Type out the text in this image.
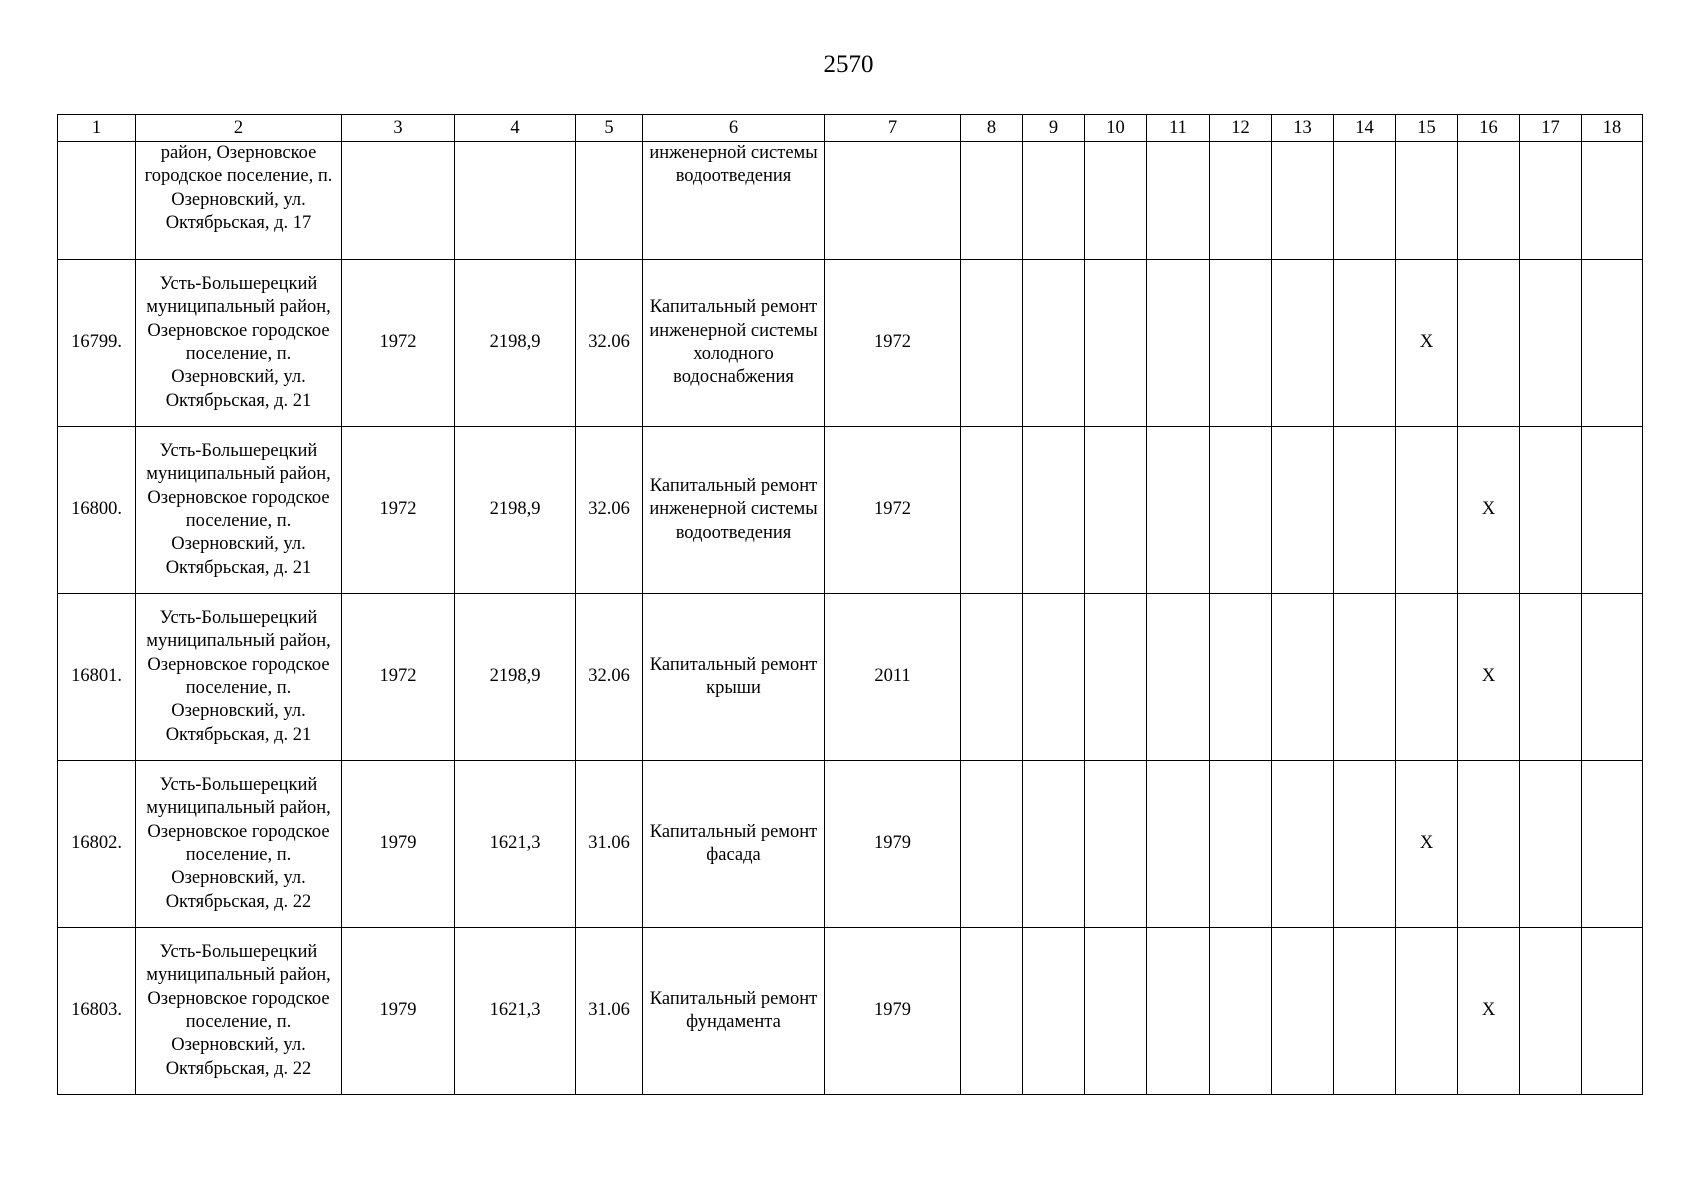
2570
1	2	3	4	5	6	7	8	9	10	11	12	13	14	15	16	17	18
	район, Озерновское городское поселение, п. Озерновский, ул. Октябрьская, д. 17				инженерной системы водоотведения												
16799.	Усть-Большерецкий муниципальный район, Озерновское городское поселение, п. Озерновский, ул. Октябрьская, д. 21	1972	2198,9	32.06	Капитальный ремонт инженерной системы холодного водоснабжения	1972								X			
16800.	Усть-Большерецкий муниципальный район, Озерновское городское поселение, п. Озерновский, ул. Октябрьская, д. 21	1972	2198,9	32.06	Капитальный ремонт инженерной системы водоотведения	1972									X		
16801.	Усть-Большерецкий муниципальный район, Озерновское городское поселение, п. Озерновский, ул. Октябрьская, д. 21	1972	2198,9	32.06	Капитальный ремонт крыши	2011									X		
16802.	Усть-Большерецкий муниципальный район, Озерновское городское поселение, п. Озерновский, ул. Октябрьская, д. 22	1979	1621,3	31.06	Капитальный ремонт фасада	1979								X			
16803.	Усть-Большерецкий муниципальный район, Озерновское городское поселение, п. Озерновский, ул. Октябрьская, д. 22	1979	1621,3	31.06	Капитальный ремонт фундамента	1979									X		
